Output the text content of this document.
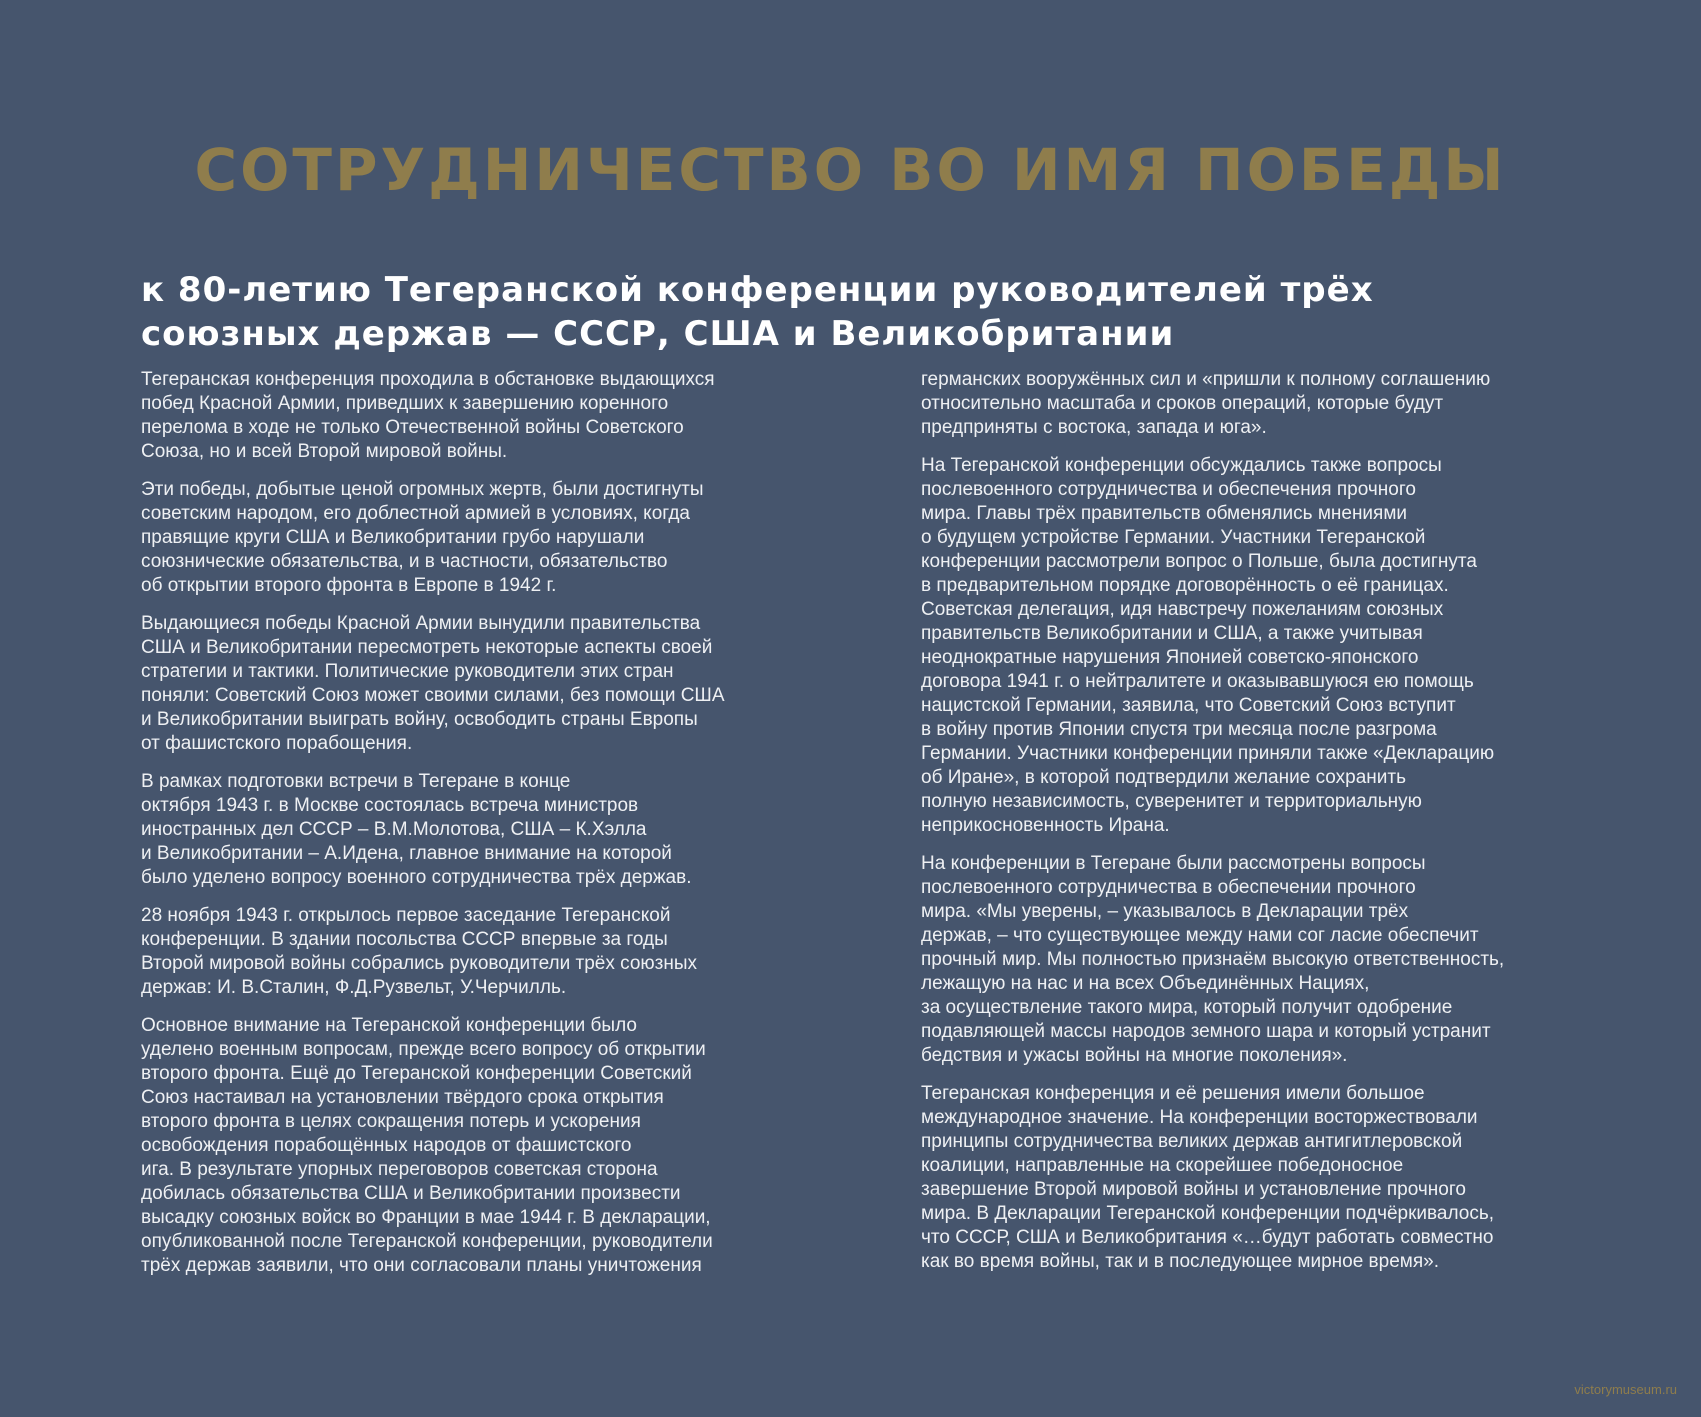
СОТРУДНИЧЕСТВО ВО ИМЯ ПОБЕДЫ
к 80-летию Тегеранской конференции руководителей трёх
союзных держав — СССР, США и Великобритании

Тегеранская конференция проходила в обстановке выдающихся
побед Красной Армии, приведших к завершению коренного
перелома в ходе не только Отечественной войны Советского
Союза, но и всей Второй мировой войны.

Эти победы, добытые ценой огромных жертв, были достигнуты
советским народом, его доблестной армией в условиях, когда
правящие круги США и Великобритании грубо нарушали
союзнические обязательства, и в частности, обязательство
об открытии второго фронта в Европе в 1942 г.

Выдающиеся победы Красной Армии вынудили правительства
США и Великобритании пересмотреть некоторые аспекты своей
стратегии и тактики. Политические руководители этих стран
поняли: Советский Союз может своими силами, без помощи США
и Великобритании выиграть войну, освободить страны Европы
от фашистского порабощения.

В рамках подготовки встречи в Тегеране в конце
октября 1943 г. в Москве состоялась встреча министров
иностранных дел СССР – В.М.Молотова, США – К.Хэлла
и Великобритании – А.Идена, главное внимание на которой
было уделено вопросу военного сотрудничества трёх держав.

28 ноября 1943 г. открылось первое заседание Тегеранской
конференции. В здании посольства СССР впервые за годы
Второй мировой войны собрались руководители трёх союзных
держав: И. В.Сталин, Ф.Д.Рузвельт, У.Черчилль.

Основное внимание на Тегеранской конференции было
уделено военным вопросам, прежде всего вопросу об открытии
второго фронта. Ещё до Тегеранской конференции Советский
Союз настаивал на установлении твёрдого срока открытия
второго фронта в целях сокращения потерь и ускорения
освобождения порабощённых народов от фашистского
ига. В результате упорных переговоров советская сторона
добилась обязательства США и Великобритании произвести
высадку союзных войск во Франции в мае 1944 г. В декларации,
опубликованной после Тегеранской конференции, руководители
трёх держав заявили, что они согласовали планы уничтожения

германских вооружённых сил и «пришли к полному соглашению
относительно масштаба и сроков операций, которые будут
предприняты с востока, запада и юга».

На Тегеранской конференции обсуждались также вопросы
послевоенного сотрудничества и обеспечения прочного
мира. Главы трёх правительств обменялись мнениями
о будущем устройстве Германии. Участники Тегеранской
конференции рассмотрели вопрос о Польше, была достигнута
в предварительном порядке договорённость о её границах.
Советская делегация, идя навстречу пожеланиям союзных
правительств Великобритании и США, а также учитывая
неоднократные нарушения Японией советско-японского
договора 1941 г. о нейтралитете и оказывавшуюся ею помощь
нацистской Германии, заявила, что Советский Союз вступит
в войну против Японии спустя три месяца после разгрома
Германии. Участники конференции приняли также «Декларацию
об Иране», в которой подтвердили желание сохранить
полную независимость, суверенитет и территориальную
неприкосновенность Ирана.

На конференции в Тегеране были рассмотрены вопросы
послевоенного сотрудничества в обеспечении прочного
мира. «Мы уверены, – указывалось в Декларации трёх
держав, – что существующее между нами сог ласие обеспечит
прочный мир. Мы полностью признаём высокую ответственность,
лежащую на нас и на всех Объединённых Нациях,
за осуществление такого мира, который получит одобрение
подавляющей массы народов земного шара и который устранит
бедствия и ужасы войны на многие поколения».

Тегеранская конференция и её решения имели большое
международное значение. На конференции восторжествовали
принципы сотрудничества великих держав антигитлеровской
коалиции, направленные на скорейшее победоносное
завершение Второй мировой войны и установление прочного
мира. В Декларации Тегеранской конференции подчёркивалось,
что СССР, США и Великобритания «…будут работать совместно
как во время войны, так и в последующее мирное время».

victorymuseum.ru
